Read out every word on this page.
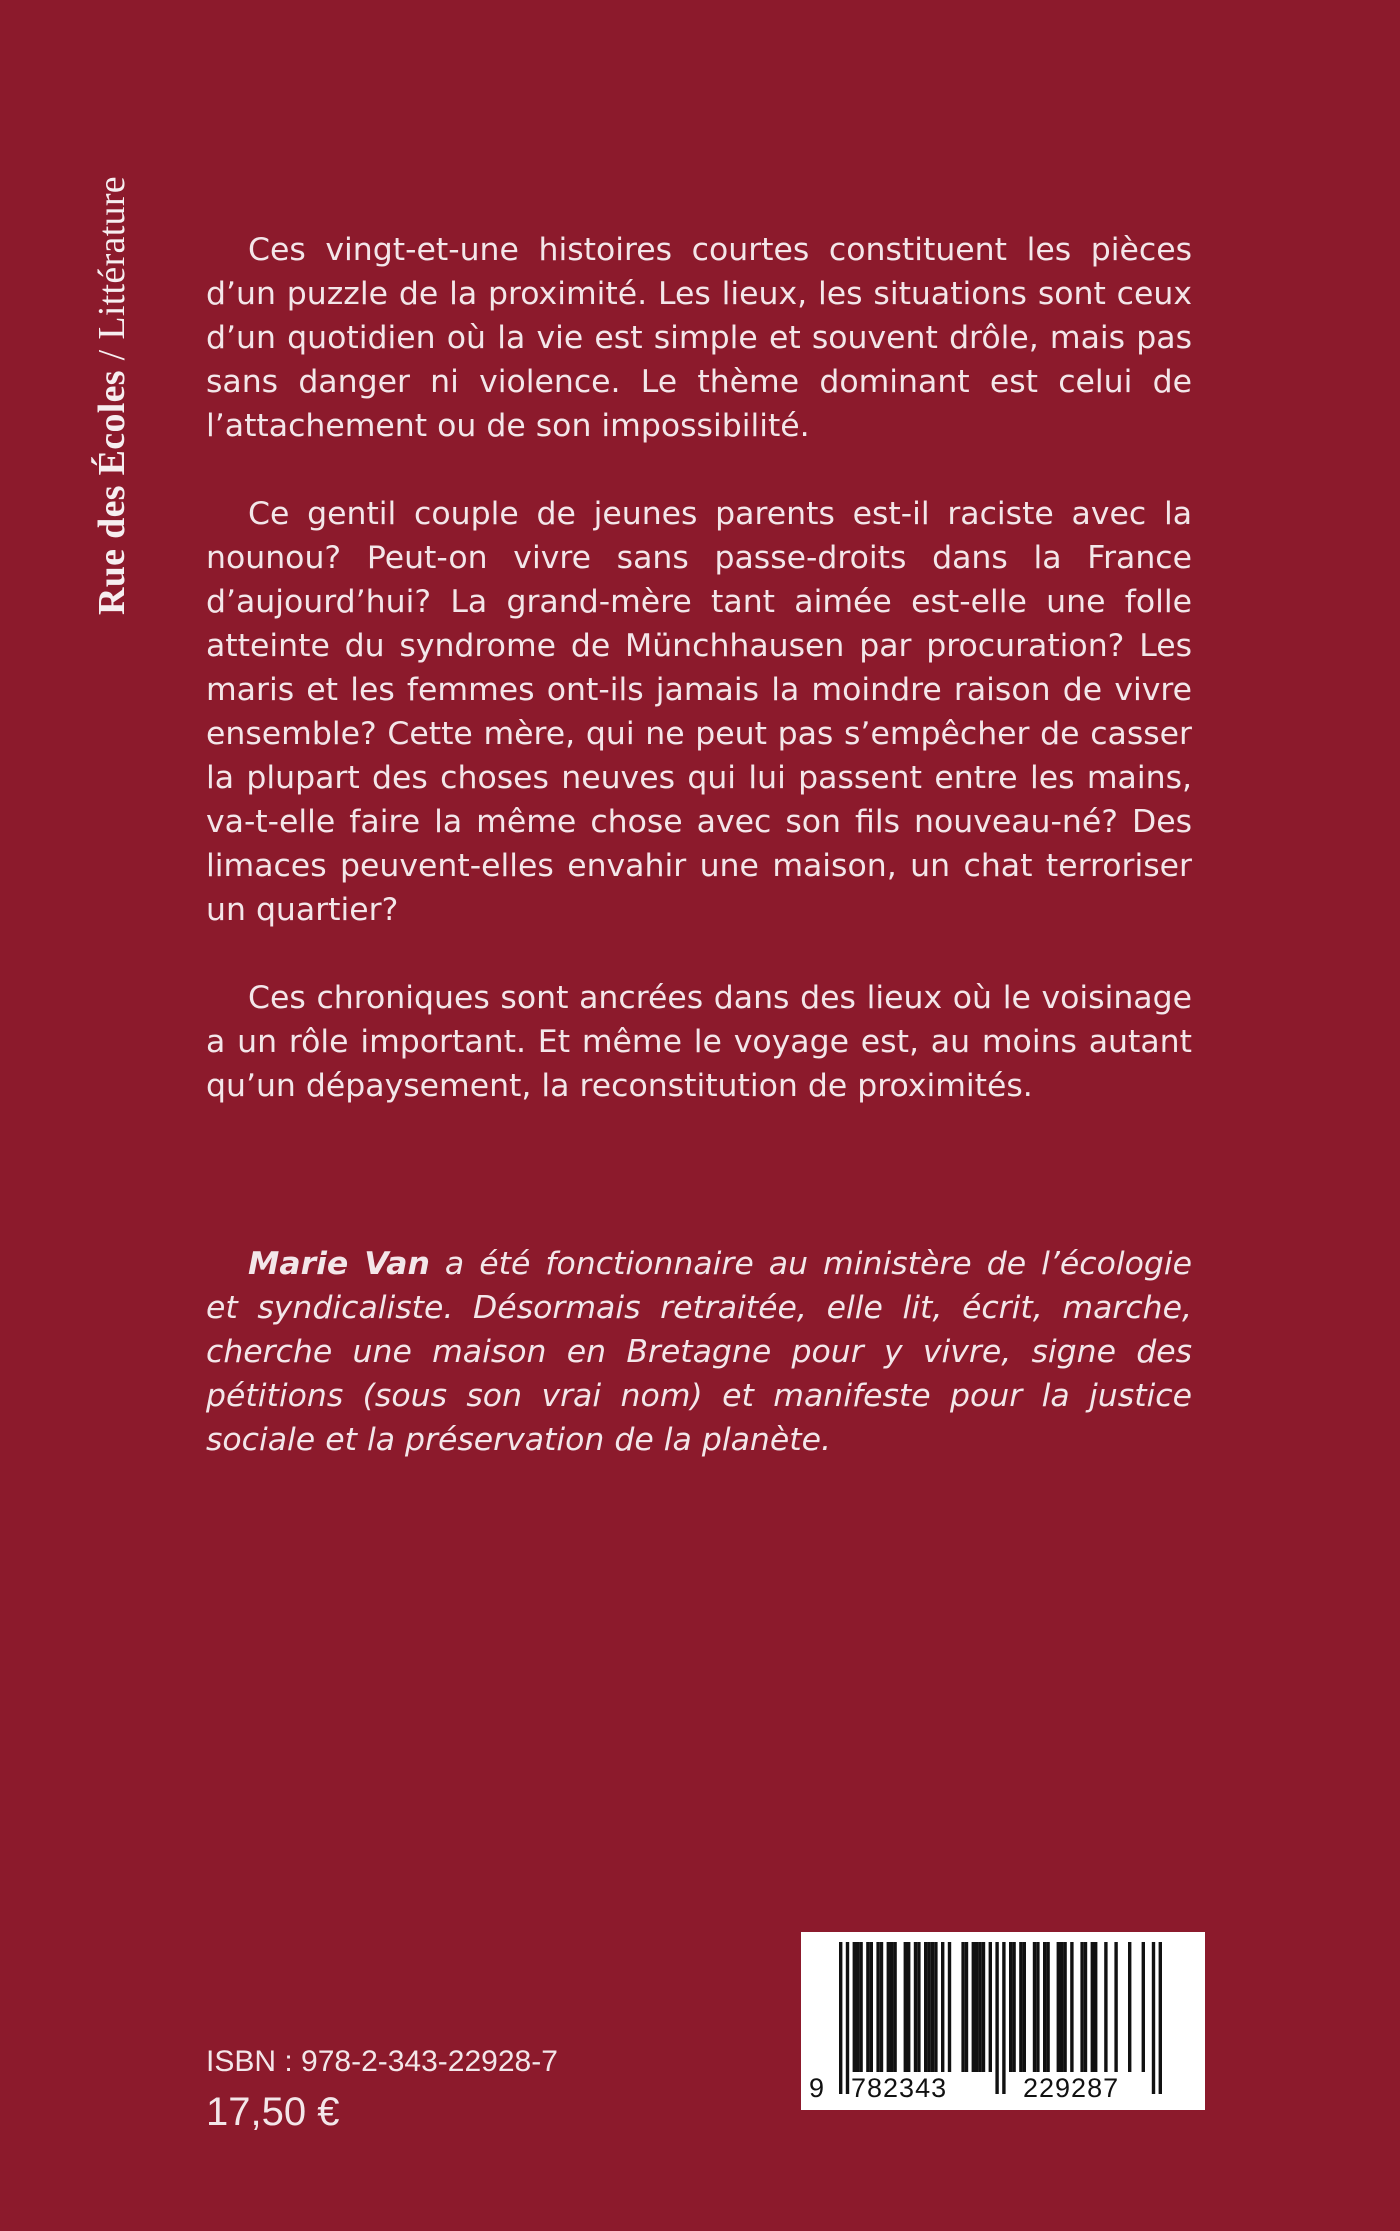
Rue des Écoles / Littérature	Ces vingt-et-une histoires courtes constituent les pièces d’un puzzle de la proximité. Les lieux, les situations sont ceux d’un quotidien où la vie est simple et souvent drôle, mais pas sans danger ni violence. Le thème dominant est celui de l’attachement ou de son impossibilité.

Ce gentil couple de jeunes parents est-il raciste avec la nounou? Peut-on vivre sans passe-droits dans la France d’aujourd’hui? La grand-mère tant aimée est-elle une folle atteinte du syndrome de Münchhausen par procuration? Les maris et les femmes ont-ils jamais la moindre raison de vivre ensemble? Cette mère, qui ne peut pas s’empêcher de casser la plupart des choses neuves qui lui passent entre les mains, va-t-elle faire la même chose avec son fils nouveau-né? Des limaces peuvent-elles envahir une maison, un chat terroriser un quartier?

Ces chroniques sont ancrées dans des lieux où le voisinage a un rôle important. Et même le voyage est, au moins autant qu’un dépaysement, la reconstitution de proximités.

Marie Van a été fonctionnaire au ministère de l’écologie et syndicaliste. Désormais retraitée, elle lit, écrit, marche, cherche une maison en Bretagne pour y vivre, signe des pétitions (sous son vrai nom) et manifeste pour la justice sociale et la préservation de la planète.

ISBN : 978-2-343-22928-7
17,50 €
9 782343	229287
